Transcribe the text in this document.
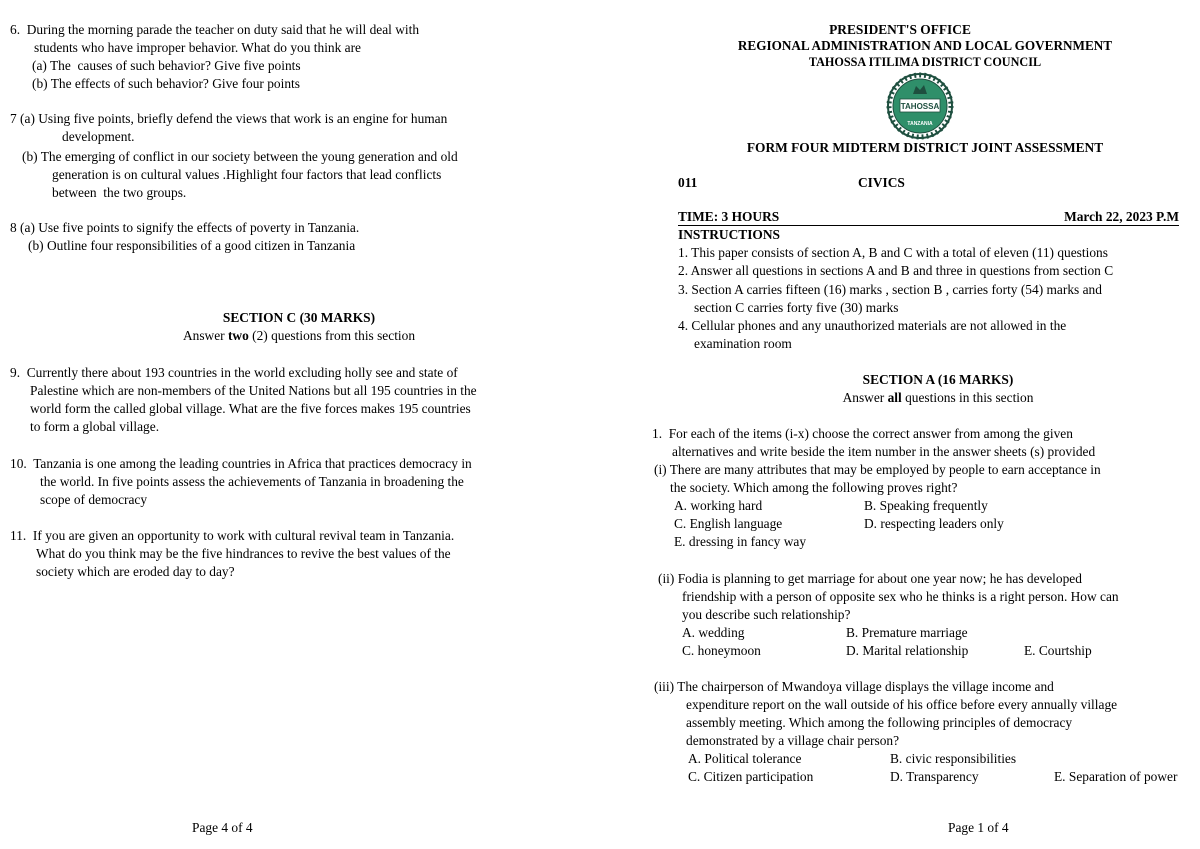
6.  During the morning parade the teacher on duty said that he will deal with
students who have improper behavior. What do you think are
(a) The  causes of such behavior? Give five points
(b) The effects of such behavior? Give four points
7 (a) Using five points, briefly defend the views that work is an engine for human
development.
(b) The emerging of conflict in our society between the young generation and old
generation is on cultural values .Highlight four factors that lead conflicts
between  the two groups.
8 (a) Use five points to signify the effects of poverty in Tanzania.
(b) Outline four responsibilities of a good citizen in Tanzania
SECTION C (30 MARKS)
Answer two (2) questions from this section
9.  Currently there about 193 countries in the world excluding holly see and state of
Palestine which are non-members of the United Nations but all 195 countries in the
world form the called global village. What are the five forces makes 195 countries
to form a global village.
10.  Tanzania is one among the leading countries in Africa that practices democracy in
the world. In five points assess the achievements of Tanzania in broadening the
scope of democracy
11.  If you are given an opportunity to work with cultural revival team in Tanzania.
What do you think may be the five hindrances to revive the best values of the
society which are eroded day to day?
Page 4 of 4
PRESIDENT'S OFFICE
REGIONAL ADMINISTRATION AND LOCAL GOVERNMENT
TAHOSSA ITILIMA DISTRICT COUNCIL
TAHOSSA
TANZANIA
FORM FOUR MIDTERM DISTRICT JOINT ASSESSMENT
011	CIVICS
TIME: 3 HOURS	March 22, 2023 P.M
INSTRUCTIONS
1. This paper consists of section A, B and C with a total of eleven (11) questions
2. Answer all questions in sections A and B and three in questions from section C
3. Section A carries fifteen (16) marks , section B , carries forty (54) marks and
section C carries forty five (30) marks
4. Cellular phones and any unauthorized materials are not allowed in the
examination room
SECTION A (16 MARKS)
Answer all questions in this section
1.  For each of the items (i-x) choose the correct answer from among the given
alternatives and write beside the item number in the answer sheets (s) provided
(i) There are many attributes that may be employed by people to earn acceptance in
the society. Which among the following proves right?
A. working hard	B. Speaking frequently
C. English language	D. respecting leaders only
E. dressing in fancy way
(ii) Fodia is planning to get marriage for about one year now; he has developed
friendship with a person of opposite sex who he thinks is a right person. How can
you describe such relationship?
A. wedding	B. Premature marriage
C. honeymoon	D. Marital relationship	E. Courtship
(iii) The chairperson of Mwandoya village displays the village income and
expenditure report on the wall outside of his office before every annually village
assembly meeting. Which among the following principles of democracy
demonstrated by a village chair person?
A. Political tolerance	B. civic responsibilities
C. Citizen participation	D. Transparency	E. Separation of power
Page 1 of 4
